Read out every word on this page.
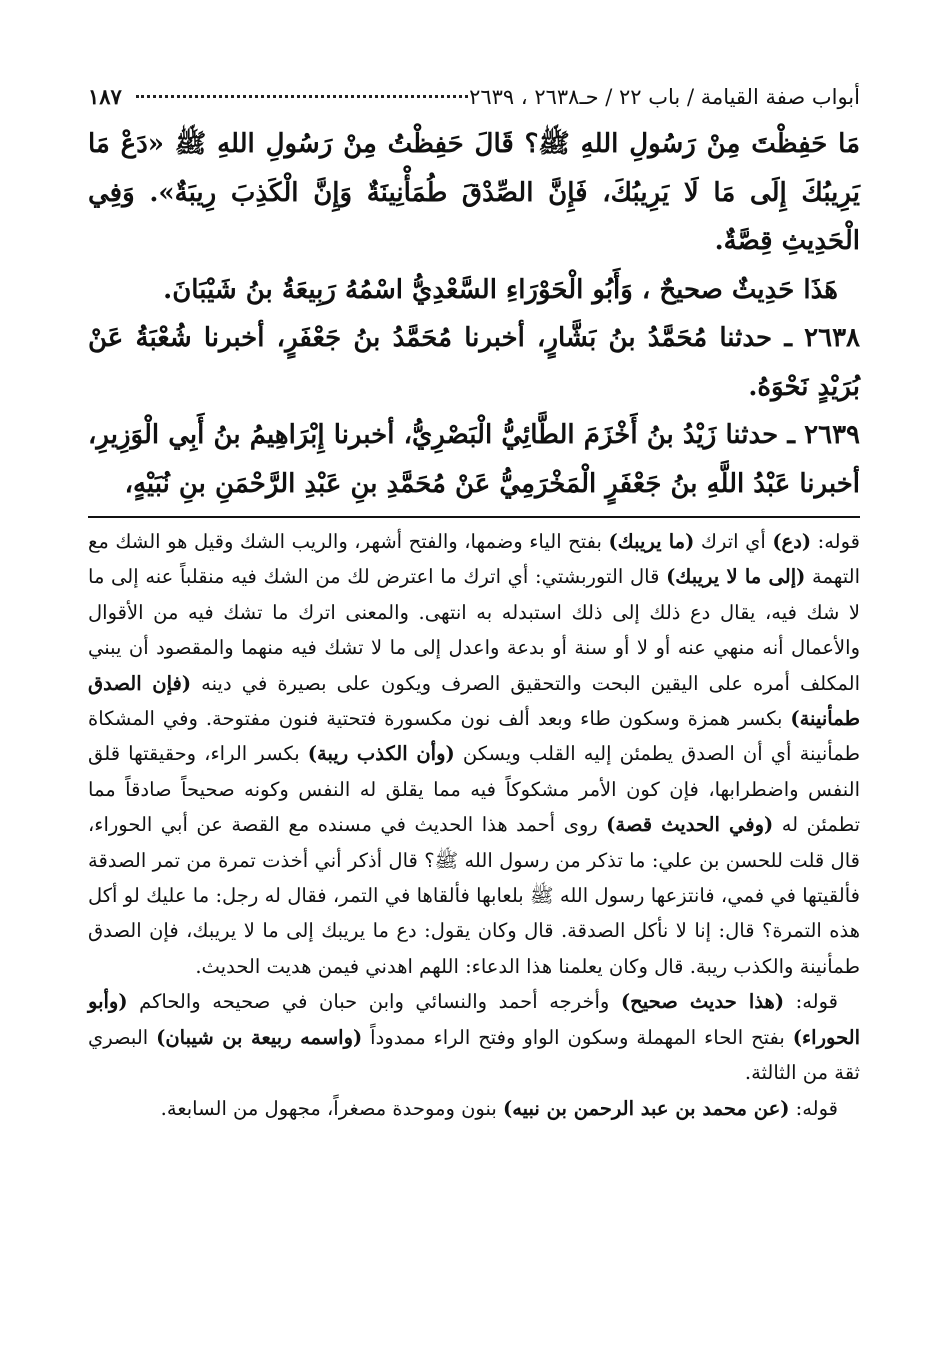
أبواب صفة القيامة / باب ٢٢ / حـ٢٦٣٨ ، ٢٦٣٩
١٨٧

مَا حَفِظْتَ مِنْ رَسُولِ اللهِ ﷺ؟ قَالَ حَفِظْتُ مِنْ رَسُولِ اللهِ ﷺ «دَعْ مَا يَرِيبُكَ إِلَى مَا لَا يَرِيبُكَ، فَإِنَّ الصِّدْقَ طُمَأْنِينَةٌ وَإِنَّ الْكَذِبَ رِيبَةٌ». وَفِي الْحَدِيثِ قِصَّةٌ.

هَذَا حَدِيثٌ صحيحٌ ، وَأَبُو الْحَوْرَاءِ السَّعْدِيُّ اسْمُهُ رَبِيعَةُ بنُ شَيْبَانَ.

٢٦٣٨ ـ حدثنا مُحَمَّدُ بنُ بَشَّارٍ، أخبرنا مُحَمَّدُ بنُ جَعْفَرٍ، أخبرنا شُعْبَةُ عَنْ بُرَيْدٍ نَحْوَهُ.

٢٦٣٩ ـ حدثنا زَيْدُ بنُ أَخْزَمَ الطَّائِيُّ الْبَصْرِيُّ، أخبرنا إِبْرَاهِيمُ بنُ أَبِي الْوَزِيرِ، أخبرنا عَبْدُ اللَّهِ بنُ جَعْفَرٍ الْمَخْرَمِيُّ عَنْ مُحَمَّدِ بنِ عَبْدِ الرَّحْمَنِ بنِ نُبَيْهٍ،

قوله: (دع) أي اترك (ما يريبك) بفتح الياء وضمها، والفتح أشهر، والريب الشك وقيل هو الشك مع التهمة (إلى ما لا يريبك) قال التوربشتي: أي اترك ما اعترض لك من الشك فيه منقلباً عنه إلى ما لا شك فيه، يقال دع ذلك إلى ذلك استبدله به انتهى. والمعنى اترك ما تشك فيه من الأقوال والأعمال أنه منهي عنه أو لا أو سنة أو بدعة واعدل إلى ما لا تشك فيه منهما والمقصود أن يبني المكلف أمره على اليقين البحت والتحقيق الصرف ويكون على بصيرة في دينه (فإن الصدق طمأنينة) بكسر همزة وسكون طاء وبعد ألف نون مكسورة فتحتية فنون مفتوحة. وفي المشكاة طمأنينة أي أن الصدق يطمئن إليه القلب ويسكن (وأن الكذب ريبة) بكسر الراء، وحقيقتها قلق النفس واضطرابها، فإن كون الأمر مشكوكاً فيه مما يقلق له النفس وكونه صحيحاً صادقاً مما تطمئن له (وفي الحديث قصة) روى أحمد هذا الحديث في مسنده مع القصة عن أبي الحوراء، قال قلت للحسن بن علي: ما تذكر من رسول الله ﷺ؟ قال أذكر أني أخذت تمرة من تمر الصدقة فألقيتها في فمي، فانتزعها رسول الله ﷺ بلعابها فألقاها في التمر، فقال له رجل: ما عليك لو أكل هذه التمرة؟ قال: إنا لا نأكل الصدقة. قال وكان يقول: دع ما يريبك إلى ما لا يريبك، فإن الصدق طمأنينة والكذب ريبة. قال وكان يعلمنا هذا الدعاء: اللهم اهدني فيمن هديت الحديث.

قوله: (هذا حديث صحيح) وأخرجه أحمد والنسائي وابن حبان في صحيحه والحاكم (وأبو الحوراء) بفتح الحاء المهملة وسكون الواو وفتح الراء ممدوداً (واسمه ربيعة بن شيبان) البصري ثقة من الثالثة.

قوله: (عن محمد بن عبد الرحمن بن نبيه) بنون وموحدة مصغراً، مجهول من السابعة.
